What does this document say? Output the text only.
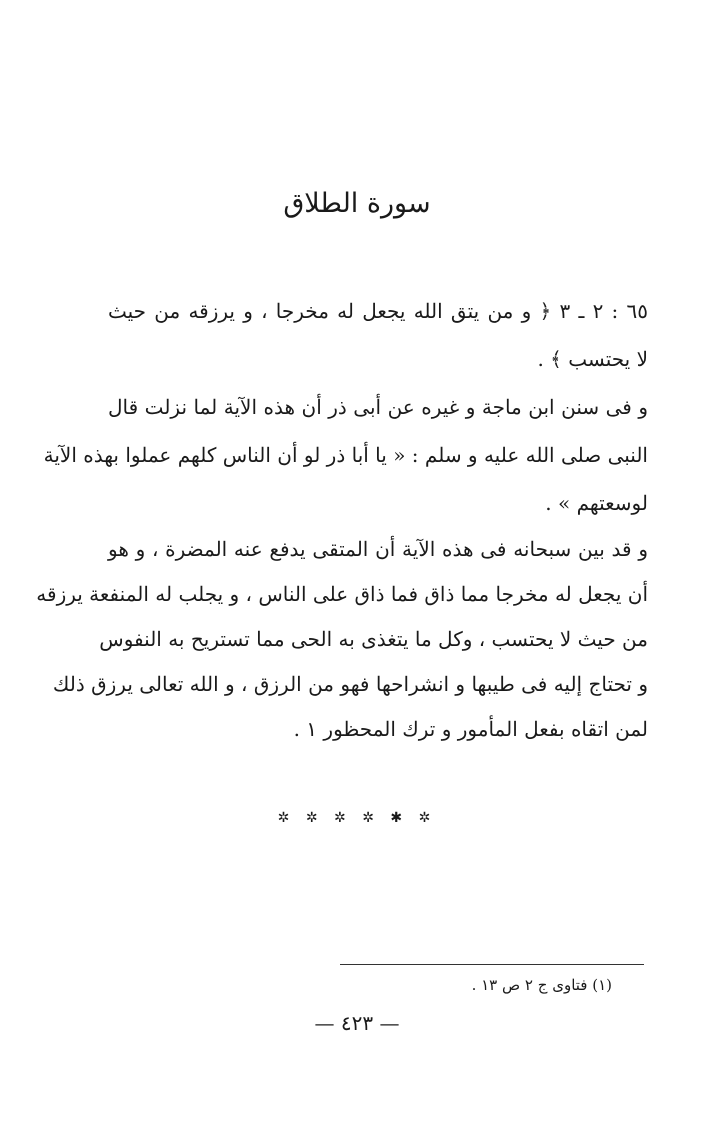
سورة الطلاق
٦٥ : ٢ ـ ٣ ﴿ و من يتق الله يجعل له مخرجا ، و يرزقه من حيث
لا يحتسب ﴾ .
و فى سنن ابن ماجة و غيره عن أبى ذر أن هذه الآية لما نزلت قال
النبى صلى الله عليه و سلم : « يا أبا ذر لو أن الناس كلهم عملوا بهذه الآية
لوسعتهم » .
و قد بين سبحانه فى هذه الآية أن المتقى يدفع عنه المضرة ، و هو
أن يجعل له مخرجا مما ذاق فما ذاق على الناس ، و يجلب له المنفعة يرزقه
من حيث لا يحتسب ، وكل ما يتغذى به الحى مما تستريح به النفوس
و تحتاج إليه فى طيبها و انشراحها فهو من الرزق ، و الله تعالى يرزق ذلك
لمن اتقاه بفعل المأمور و ترك المحظور ١ .
✲ ✲ ✲ ✲ ✱ ✲
(١) فتاوى ج ٢ ص ١٣ .
— ٤٢٣ —
